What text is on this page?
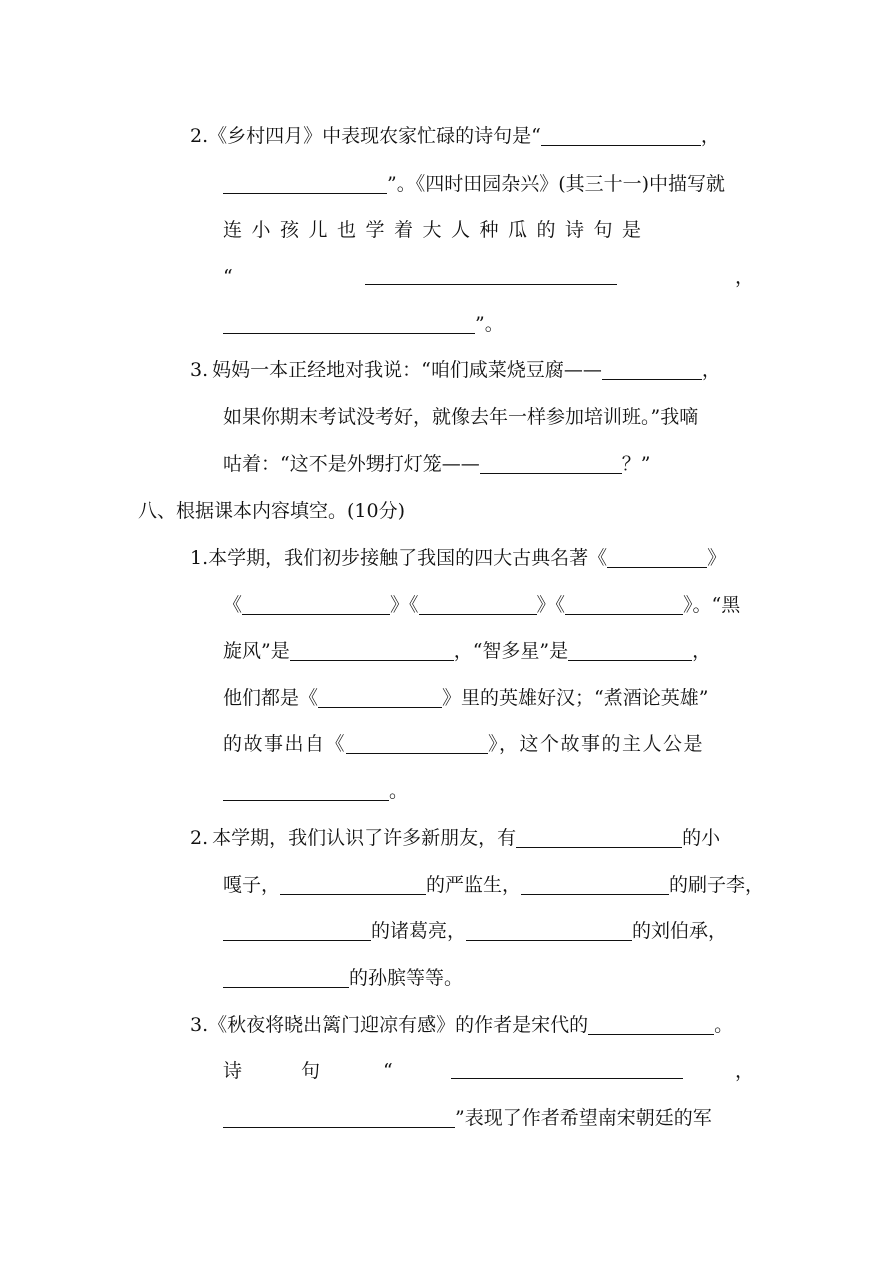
2.《乡村四月》中表现农家忙碌的诗句是“	，
”。《四时田园杂兴》(其三十一)中描写就
连小孩儿也学着大人种瓜的诗句是
“	，
”。
3. 妈妈一本正经地对我说：“咱们咸菜烧豆腐——	，
如果你期末考试没考好，就像去年一样参加培训班。”我嘀
咕着：“这不是外甥打灯笼——	？”
八、根据课本内容填空。(10分)
1.本学期，我们初步接触了我国的四大古典名著《	》
《	》《	》《	》。“黑
旋风”是	，“智多星”是	，
他们都是《	》里的英雄好汉；“煮酒论英雄”
的故事出自《	》，这个故事的主人公是
。
2. 本学期，我们认识了许多新朋友，有	的小
嘎子，	的严监生，	的刷子李，
的诸葛亮，	的刘伯承，
的孙膑等等。
3.《秋夜将晓出篱门迎凉有感》的作者是宋代的	。
诗	句	“	，
”表现了作者希望南宋朝廷的军
